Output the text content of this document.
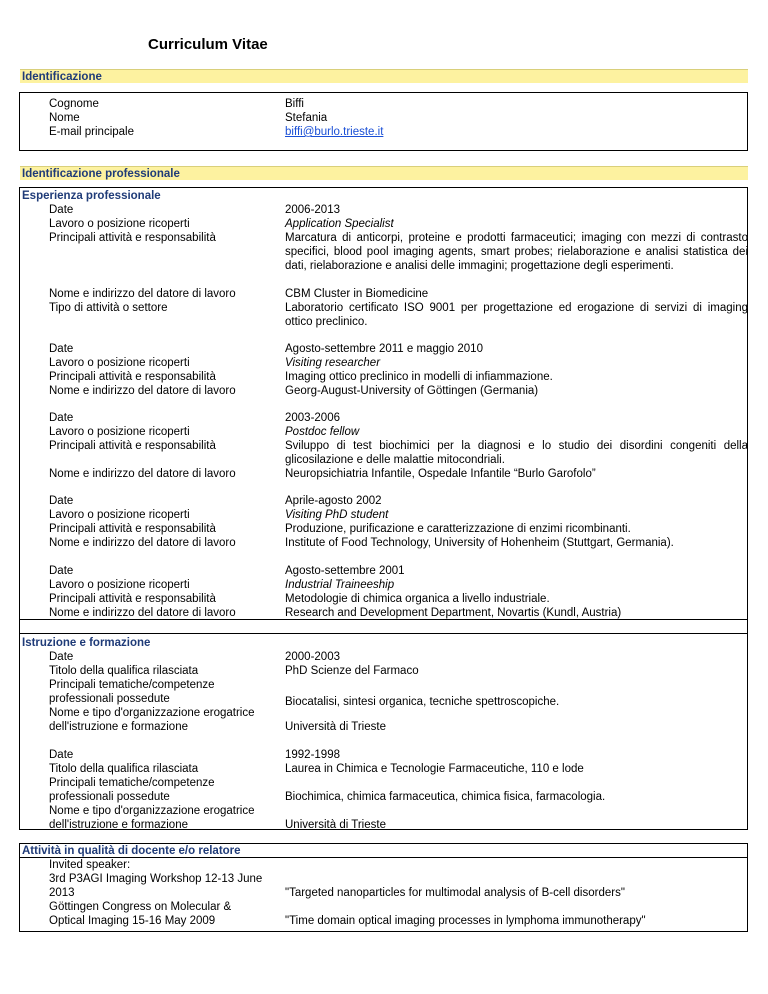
Curriculum Vitae
Identificazione
Cognome
Nome
E-mail principale
Biffi
Stefania
biffi@burlo.trieste.it
Identificazione professionale
Esperienza professionale
Date
Lavoro o posizione ricoperti
Principali attività e responsabilità
Nome e indirizzo del datore di lavoro
Tipo di attività o settore
2006-2013
Application Specialist
Marcatura di anticorpi, proteine e prodotti farmaceutici; imaging con mezzi di contrasto specifici, blood pool imaging agents, smart probes; rielaborazione e analisi statistica dei dati, rielaborazione e analisi delle immagini; progettazione degli esperimenti.
CBM Cluster in Biomedicine
Laboratorio certificato ISO 9001 per progettazione ed erogazione di servizi di imaging ottico preclinico.
Date
Lavoro o posizione ricoperti
Principali attività e responsabilità
Nome e indirizzo del datore di lavoro
Agosto-settembre 2011 e maggio 2010
Visiting researcher
Imaging ottico preclinico in modelli di infiammazione.
Georg-August-University of Göttingen (Germania)
Date
Lavoro o posizione ricoperti
Principali attività e responsabilità
Nome e indirizzo del datore di lavoro
2003-2006
Postdoc fellow
Sviluppo di test biochimici per la diagnosi e lo studio dei disordini congeniti della glicosilazione e delle malattie mitocondriali.
Neuropsichiatria Infantile, Ospedale Infantile “Burlo Garofolo”
Date
Lavoro o posizione ricoperti
Principali attività e responsabilità
Nome e indirizzo del datore di lavoro
Aprile-agosto 2002
Visiting PhD student
Produzione, purificazione e caratterizzazione di enzimi ricombinanti.
Institute of Food Technology, University of Hohenheim (Stuttgart, Germania).
Date
Lavoro o posizione ricoperti
Principali attività e responsabilità
Nome e indirizzo del datore di lavoro
Agosto-settembre 2001
Industrial Traineeship
Metodologie di chimica organica a livello industriale.
Research and Development Department, Novartis (Kundl, Austria)
Istruzione e formazione
Date
Titolo della qualifica rilasciata
Principali tematiche/competenze
professionali possedute
Nome e tipo d'organizzazione erogatrice
dell'istruzione e formazione
2000-2003
PhD Scienze del Farmaco
Biocatalisi, sintesi organica, tecniche spettroscopiche.
Università di Trieste
Date
Titolo della qualifica rilasciata
Principali tematiche/competenze
professionali possedute
Nome e tipo d'organizzazione erogatrice
dell'istruzione e formazione
1992-1998
Laurea in Chimica e Tecnologie Farmaceutiche, 110 e lode
Biochimica, chimica farmaceutica, chimica fisica, farmacologia.
Università di Trieste
Attività in qualità di docente e/o relatore
Invited speaker:
3rd P3AGI Imaging Workshop 12-13 June
2013
Göttingen Congress on Molecular &
Optical Imaging 15-16 May 2009
"Targeted nanoparticles for multimodal analysis of B-cell disorders"
"Time domain optical imaging processes in lymphoma immunotherapy"
